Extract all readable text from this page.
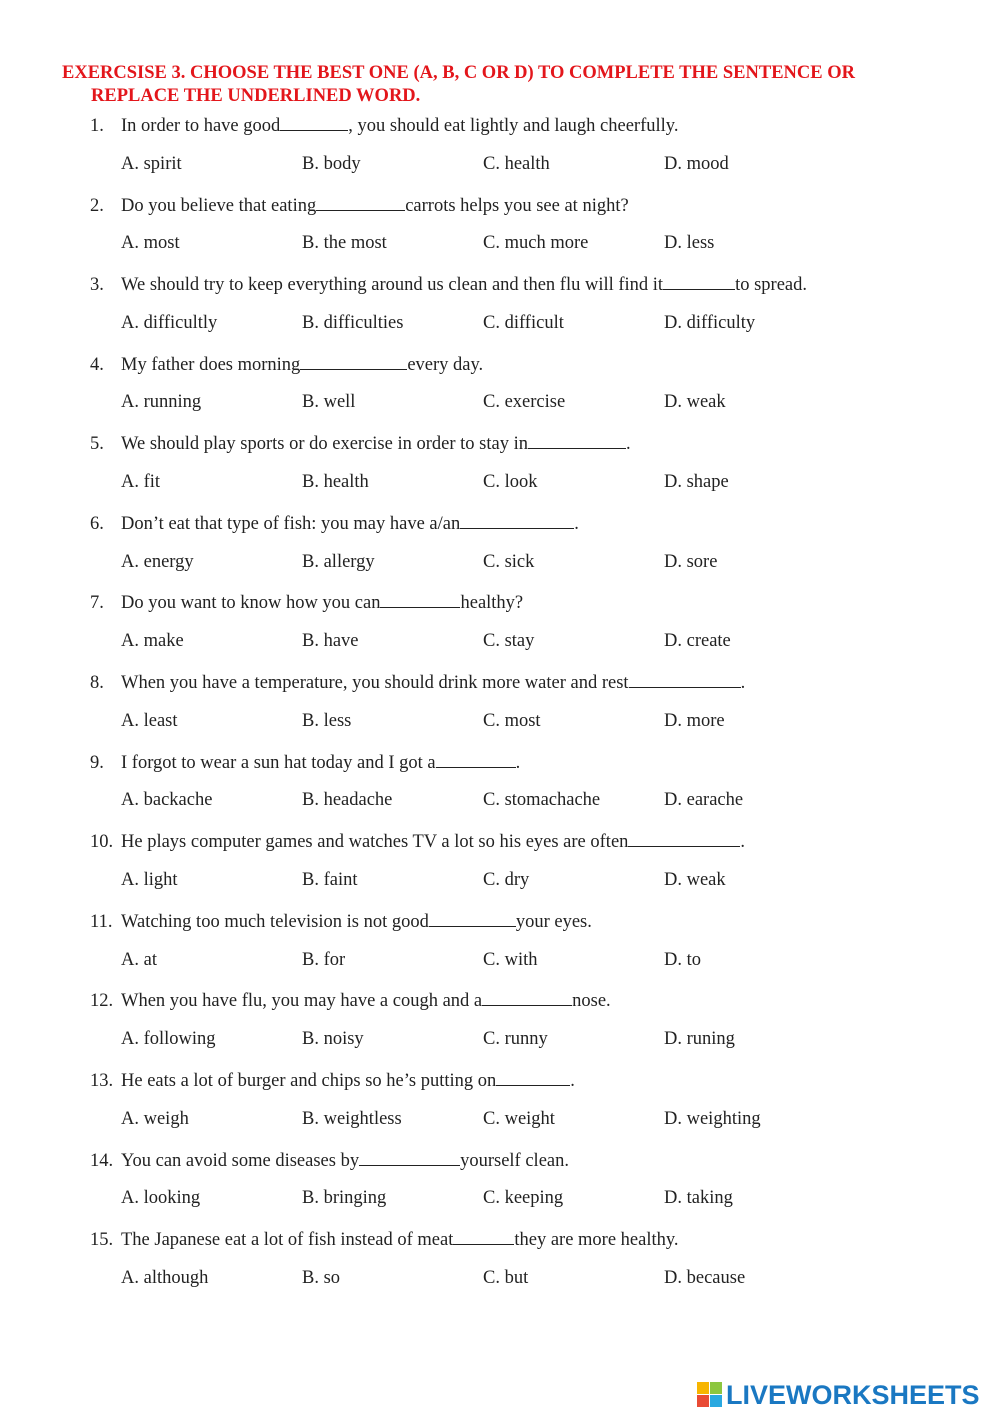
EXERCSISE 3. CHOOSE THE BEST ONE (A, B, C OR D) TO COMPLETE THE SENTENCE OR
REPLACE THE UNDERLINED WORD.
1. In order to have good	, you should eat lightly and laugh cheerfully.
A. spirit	B. body	C. health	D. mood
2. Do you believe that eating	carrots helps you see at night?
A. most	B. the most	C. much more	D. less
3. We should try to keep everything around us clean and then flu will find it	to spread.
A. difficultly	B. difficulties	C. difficult	D. difficulty
4. My father does morning	every day.
A. running	B. well	C. exercise	D. weak
5. We should play sports or do exercise in order to stay in	.
A. fit	B. health	C. look	D. shape
6. Don’t eat that type of fish: you may have a/an	.
A. energy	B. allergy	C. sick	D. sore
7. Do you want to know how you can	healthy?
A. make	B. have	C. stay	D. create
8. When you have a temperature, you should drink more water and rest	.
A. least	B. less	C. most	D. more
9. I forgot to wear a sun hat today and I got a	.
A. backache	B. headache	C. stomachache	D. earache
10. He plays computer games and watches TV a lot so his eyes are often	.
A. light	B. faint	C. dry	D. weak
11. Watching too much television is not good	your eyes.
A. at	B. for	C. with	D. to
12. When you have flu, you may have a cough and a	nose.
A. following	B. noisy	C. runny	D. runing
13. He eats a lot of burger and chips so he’s putting on	.
A. weigh	B. weightless	C. weight	D. weighting
14. You can avoid some diseases by	yourself clean.
A. looking	B. bringing	C. keeping	D. taking
15. The Japanese eat a lot of fish instead of meat	they are more healthy.
A. although	B. so	C. but	D. because
LIVEWORKSHEETS
